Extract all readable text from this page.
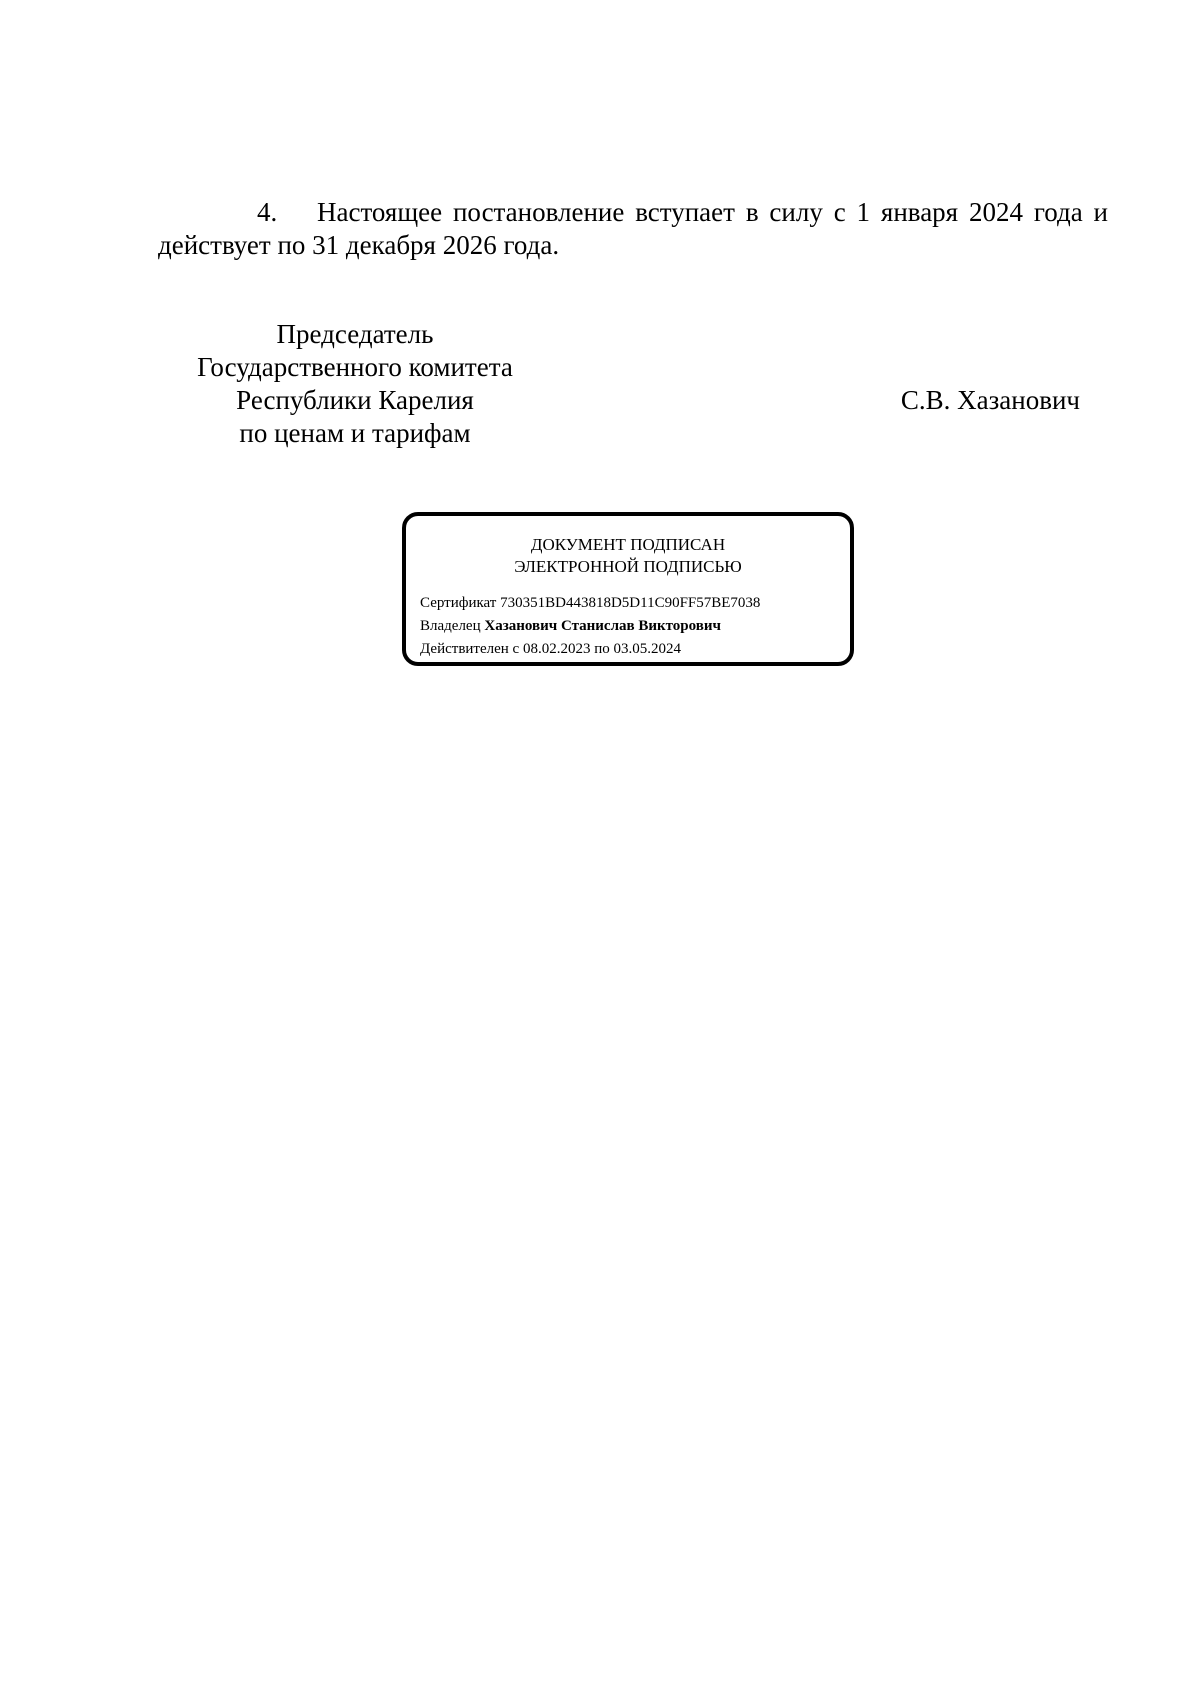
4. Настоящее постановление вступает в силу с 1 января 2024 года и
действует по 31 декабря 2026 года.
Председатель
Государственного комитета
Республики Карелия
по ценам и тарифам
С.В. Хазанович
ДОКУМЕНТ ПОДПИСАН
ЭЛЕКТРОННОЙ ПОДПИСЬЮ
Сертификат 730351BD443818D5D11C90FF57BE7038
Владелец Хазанович Станислав Викторович
Действителен с 08.02.2023 по 03.05.2024
